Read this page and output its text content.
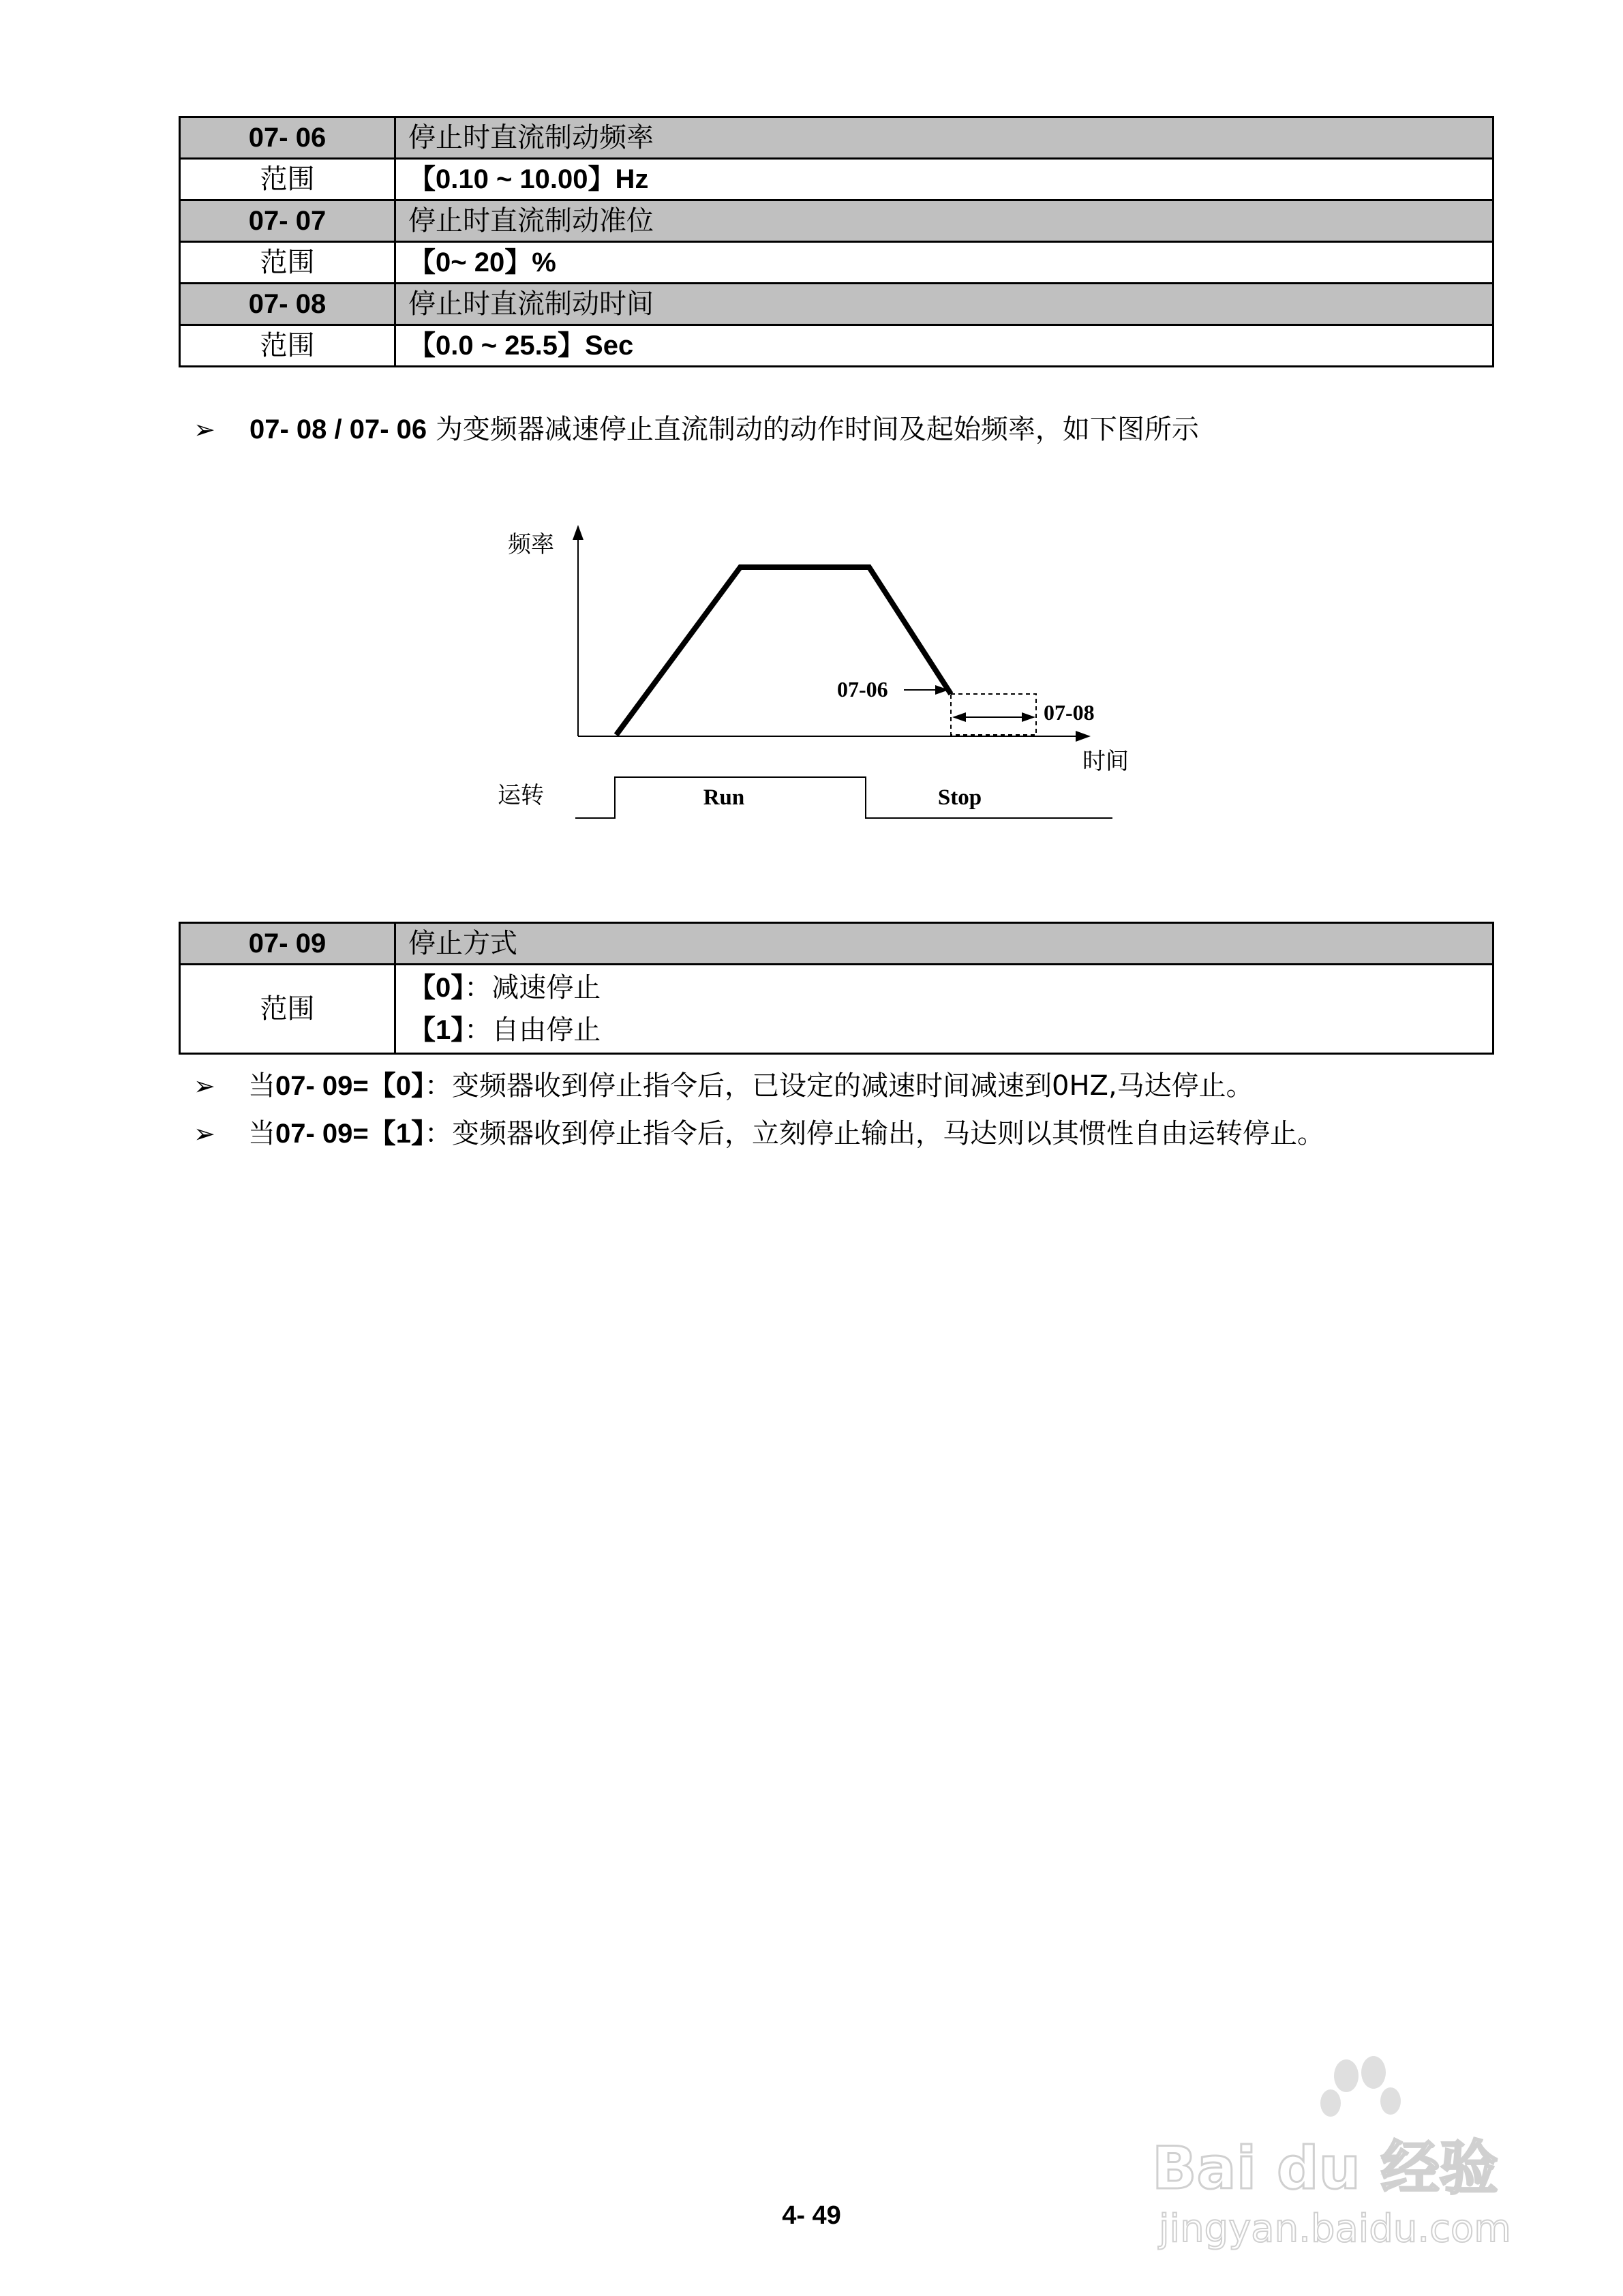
07- 06	停止时直流制动频率
范围	【0.10 ~ 10.00】Hz
07- 07	停止时直流制动准位
范围	【0~ 20】%
07- 08	停止时直流制动时间
范围	【0.0 ~ 25.5】Sec
➢ 07- 08 / 07- 06 为变频器减速停止直流制动的动作时间及起始频率，如下图所示
频率
时间
07-06
07-08
运转	Run	Stop
07- 09	停止方式
范围	【0】：减速停止
【1】：自由停止
➢ 当07- 09=【0】：变频器收到停止指令后，已设定的减速时间减速到0HZ,马达停止。
➢ 当07- 09=【1】：变频器收到停止指令后，立刻停止输出，马达则以其惯性自由运转停止。
Bai du 经验
jingyan.baidu.com
4- 49
